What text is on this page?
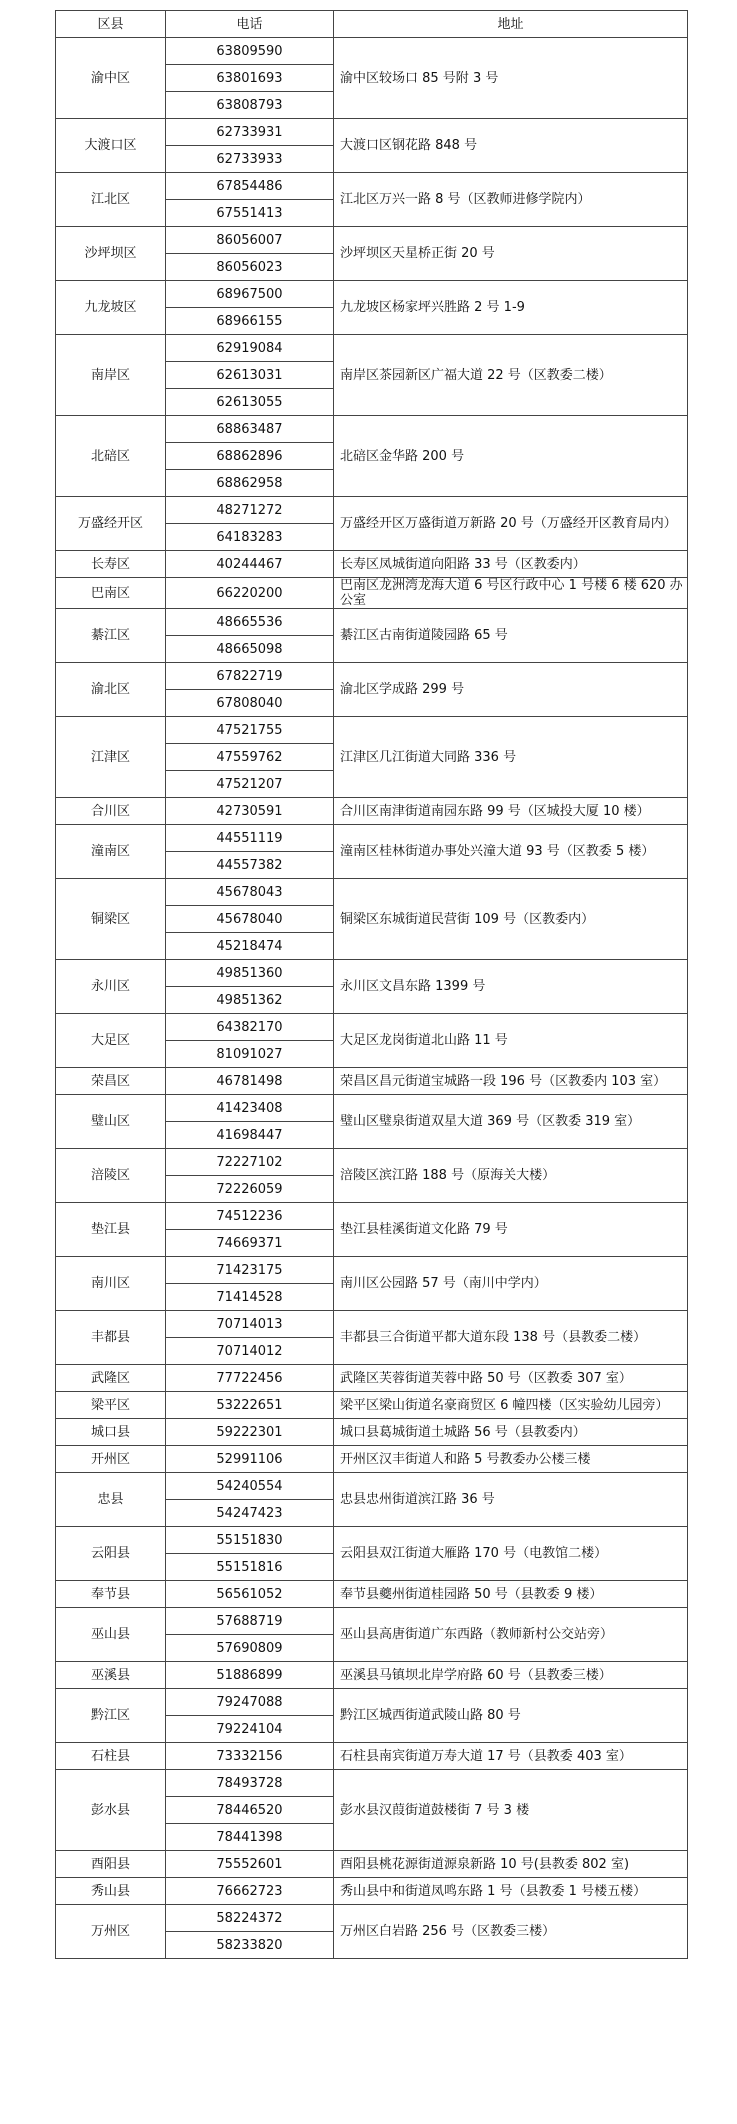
区县	电话	地址
渝中区	63809590	渝中区较场口 85 号附 3 号
	63801693	
	63808793	
大渡口区	62733931	大渡口区钢花路 848 号
	62733933	
江北区	67854486	江北区万兴一路 8 号（区教师进修学院内）
	67551413	
沙坪坝区	86056007	沙坪坝区天星桥正街 20 号
	86056023	
九龙坡区	68967500	九龙坡区杨家坪兴胜路 2 号 1-9
	68966155	
南岸区	62919084	南岸区茶园新区广福大道 22 号（区教委二楼）
	62613031	
	62613055	
北碚区	68863487	北碚区金华路 200 号
	68862896	
	68862958	
万盛经开区	48271272	万盛经开区万盛街道万新路 20 号（万盛经开区教育局内）
	64183283	
长寿区	40244467	长寿区凤城街道向阳路 33 号（区教委内）
巴南区	66220200	巴南区龙洲湾龙海大道 6 号区行政中心 1 号楼 6 楼 620 办公室
綦江区	48665536	綦江区古南街道陵园路 65 号
	48665098	
渝北区	67822719	渝北区学成路 299 号
	67808040	
江津区	47521755	江津区几江街道大同路 336 号
	47559762	
	47521207	
合川区	42730591	合川区南津街道南园东路 99 号（区城投大厦 10 楼）
潼南区	44551119	潼南区桂林街道办事处兴潼大道 93 号（区教委 5 楼）
	44557382	
铜梁区	45678043	铜梁区东城街道民营街 109 号（区教委内）
	45678040	
	45218474	
永川区	49851360	永川区文昌东路 1399 号
	49851362	
大足区	64382170	大足区龙岗街道北山路 11 号
	81091027	
荣昌区	46781498	荣昌区昌元街道宝城路一段 196 号（区教委内 103 室）
璧山区	41423408	璧山区璧泉街道双星大道 369 号（区教委 319 室）
	41698447	
涪陵区	72227102	涪陵区滨江路 188 号（原海关大楼）
	72226059	
垫江县	74512236	垫江县桂溪街道文化路 79 号
	74669371	
南川区	71423175	南川区公园路 57 号（南川中学内）
	71414528	
丰都县	70714013	丰都县三合街道平都大道东段 138 号（县教委二楼）
	70714012	
武隆区	77722456	武隆区芙蓉街道芙蓉中路 50 号（区教委 307 室）
梁平区	53222651	梁平区梁山街道名豪商贸区 6 幢四楼（区实验幼儿园旁）
城口县	59222301	城口县葛城街道土城路 56 号（县教委内）
开州区	52991106	开州区汉丰街道人和路 5 号教委办公楼三楼
忠县	54240554	忠县忠州街道滨江路 36 号
	54247423	
云阳县	55151830	云阳县双江街道大雁路 170 号（电教馆二楼）
	55151816	
奉节县	56561052	奉节县夔州街道桂园路 50 号（县教委 9 楼）
巫山县	57688719	巫山县高唐街道广东西路（教师新村公交站旁）
	57690809	
巫溪县	51886899	巫溪县马镇坝北岸学府路 60 号（县教委三楼）
黔江区	79247088	黔江区城西街道武陵山路 80 号
	79224104	
石柱县	73332156	石柱县南宾街道万寿大道 17 号（县教委 403 室）
彭水县	78493728	彭水县汉葭街道鼓楼街 7 号 3 楼
	78446520	
	78441398	
酉阳县	75552601	酉阳县桃花源街道源泉新路 10 号(县教委 802 室)
秀山县	76662723	秀山县中和街道凤鸣东路 1 号（县教委 1 号楼五楼）
万州区	58224372	万州区白岩路 256 号（区教委三楼）
	58233820	
